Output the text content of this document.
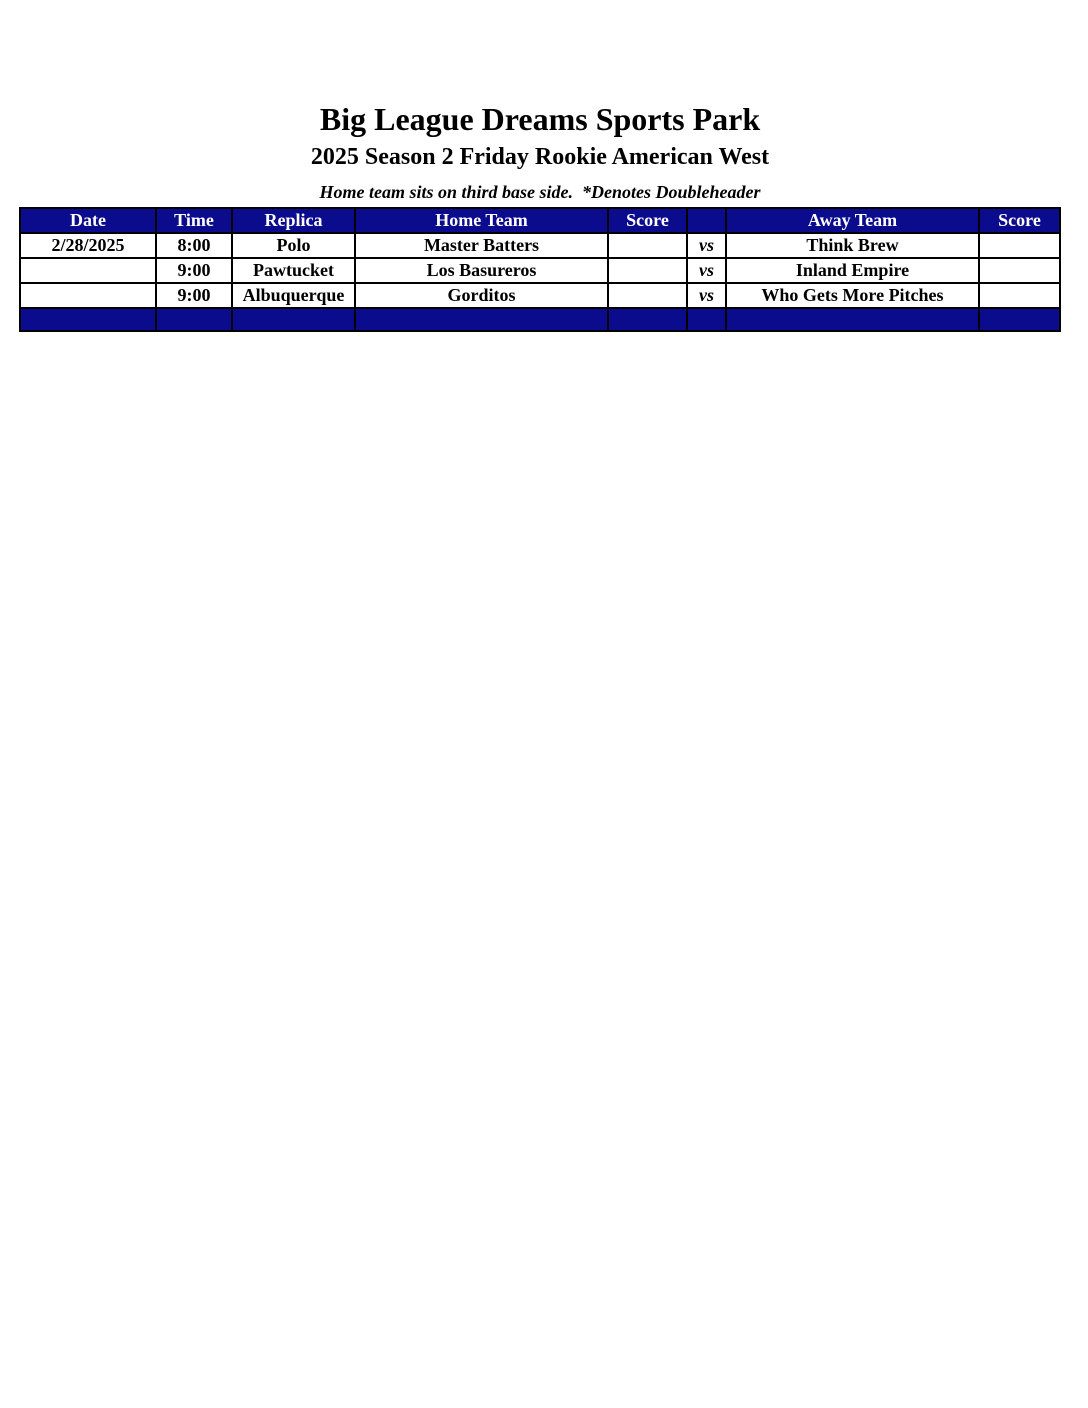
Big League Dreams Sports Park
2025 Season 2 Friday Rookie American West
Home team sits on third base side.  *Denotes Doubleheader
Date	Time	Replica	Home Team	Score		Away Team	Score
2/28/2025	8:00	Polo	Master Batters		vs	Think Brew	
	9:00	Pawtucket	Los Basureros		vs	Inland Empire	
	9:00	Albuquerque	Gorditos		vs	Who Gets More Pitches	
